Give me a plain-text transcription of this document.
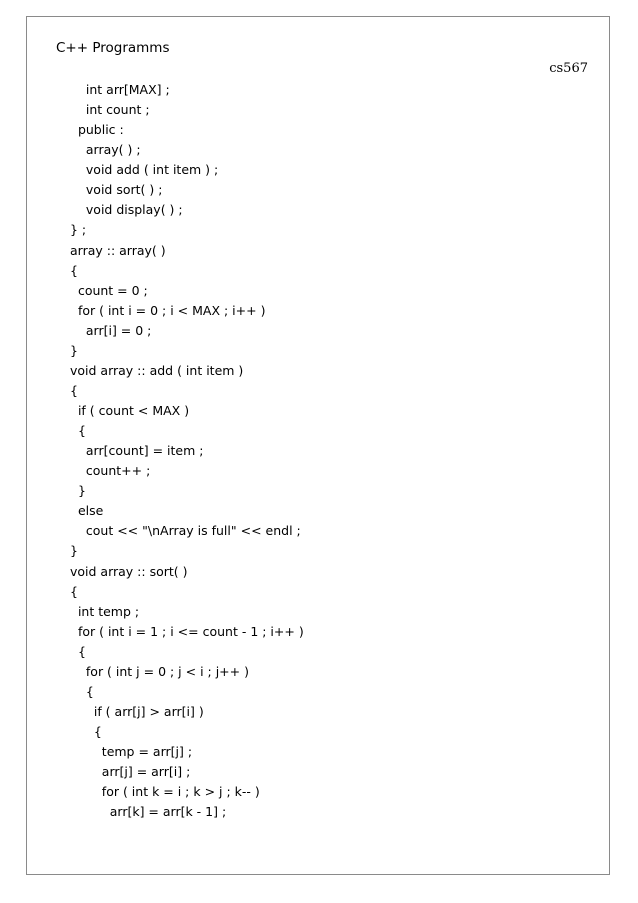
C++ Programms
cs567
int arr[MAX] ;
int count ;
public :
array( ) ;
void add ( int item ) ;
void sort( ) ;
void display( ) ;
} ;
array :: array( )
{
count = 0 ;
for ( int i = 0 ; i < MAX ; i++ )
arr[i] = 0 ;
}
void array :: add ( int item )
{
if ( count < MAX )
{
arr[count] = item ;
count++ ;
}
else
cout << "\nArray is full" << endl ;
}
void array :: sort( )
{
int temp ;
for ( int i = 1 ; i <= count - 1 ; i++ )
{
for ( int j = 0 ; j < i ; j++ )
{
if ( arr[j] > arr[i] )
{
temp = arr[j] ;
arr[j] = arr[i] ;
for ( int k = i ; k > j ; k-- )
arr[k] = arr[k - 1] ;
